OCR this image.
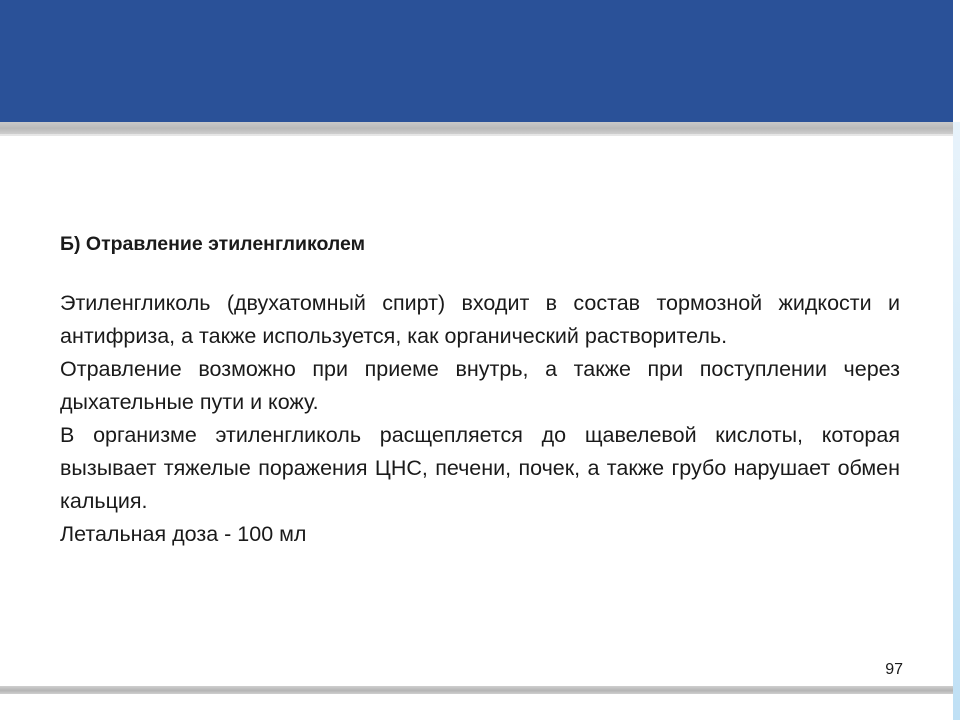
Б) Отравление этиленгликолем

Этиленгликоль (двухатомный спирт) входит в состав тормозной жидкости и антифриза, а также используется, как органический растворитель.

Отравление возможно при приеме внутрь, а также при поступлении через дыхательные пути и кожу.

В организме этиленгликоль расщепляется до щавелевой кислоты, которая вызывает тяжелые поражения ЦНС, печени, почек, а также грубо нарушает обмен кальция.

Летальная доза - 100 мл

97
